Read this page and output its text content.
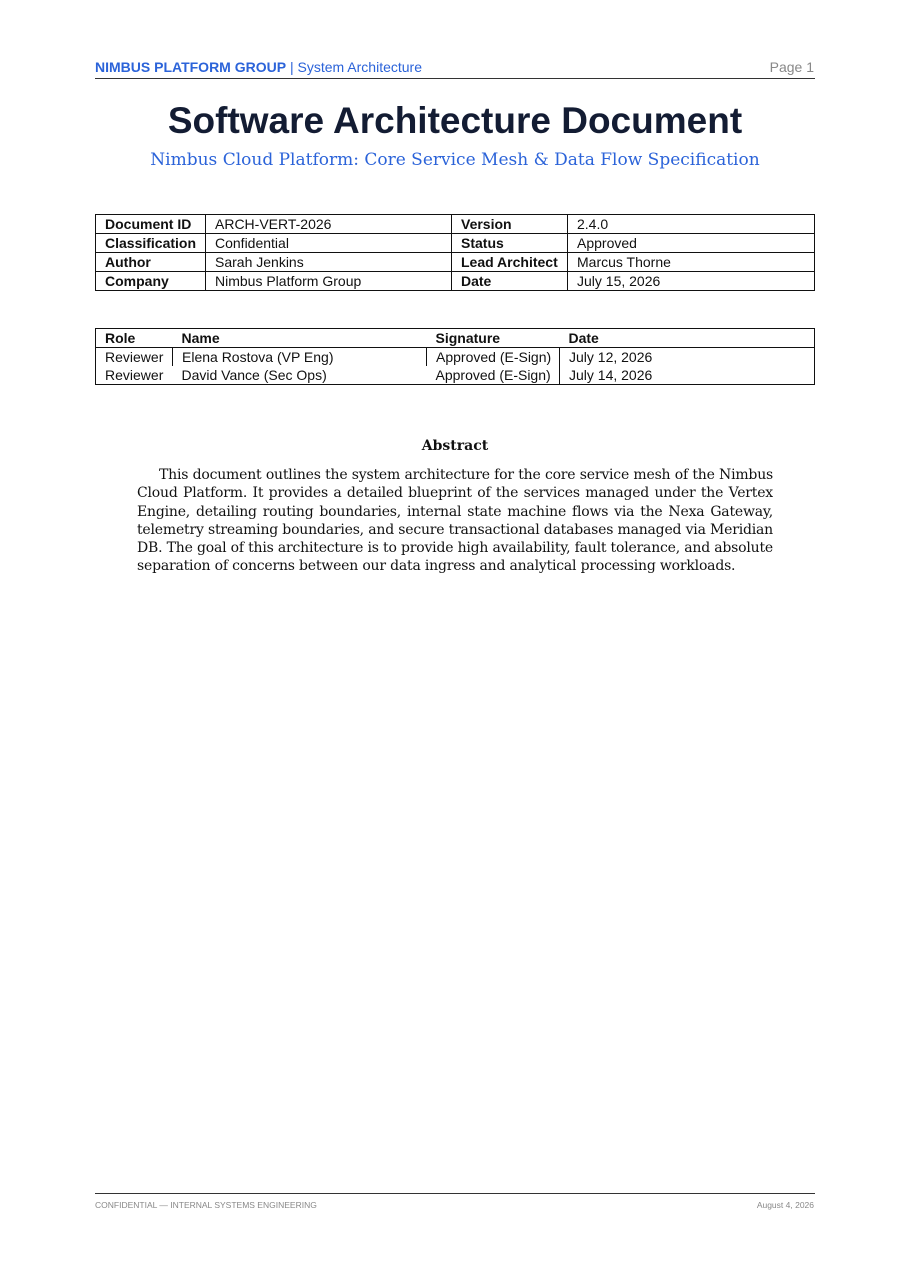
NIMBUS PLATFORM GROUP | System Architecture	Page 1
Software Architecture Document
Nimbus Cloud Platform: Core Service Mesh & Data Flow Specification
Document ID	ARCH-VERT-2026	Version	2.4.0
Classification	Confidential	Status	Approved
Author	Sarah Jenkins	Lead Architect	Marcus Thorne
Company	Nimbus Platform Group	Date	July 15, 2026
Role	Name	Signature	Date
Reviewer	Elena Rostova (VP Eng)	Approved (E-Sign)	July 12, 2026
Reviewer	David Vance (Sec Ops)	Approved (E-Sign)	July 14, 2026
Abstract
This document outlines the system architecture for the core service mesh of the Nimbus Cloud Platform. It provides a detailed blueprint of the services managed under the Vertex Engine, detailing routing boundaries, internal state machine flows via the Nexa Gateway, telemetry streaming boundaries, and secure transactional databases managed via Meridian DB. The goal of this architecture is to provide high availability, fault tolerance, and absolute separation of concerns between our data ingress and analytical processing workloads.
CONFIDENTIAL — INTERNAL SYSTEMS ENGINEERING	August 4, 2026
